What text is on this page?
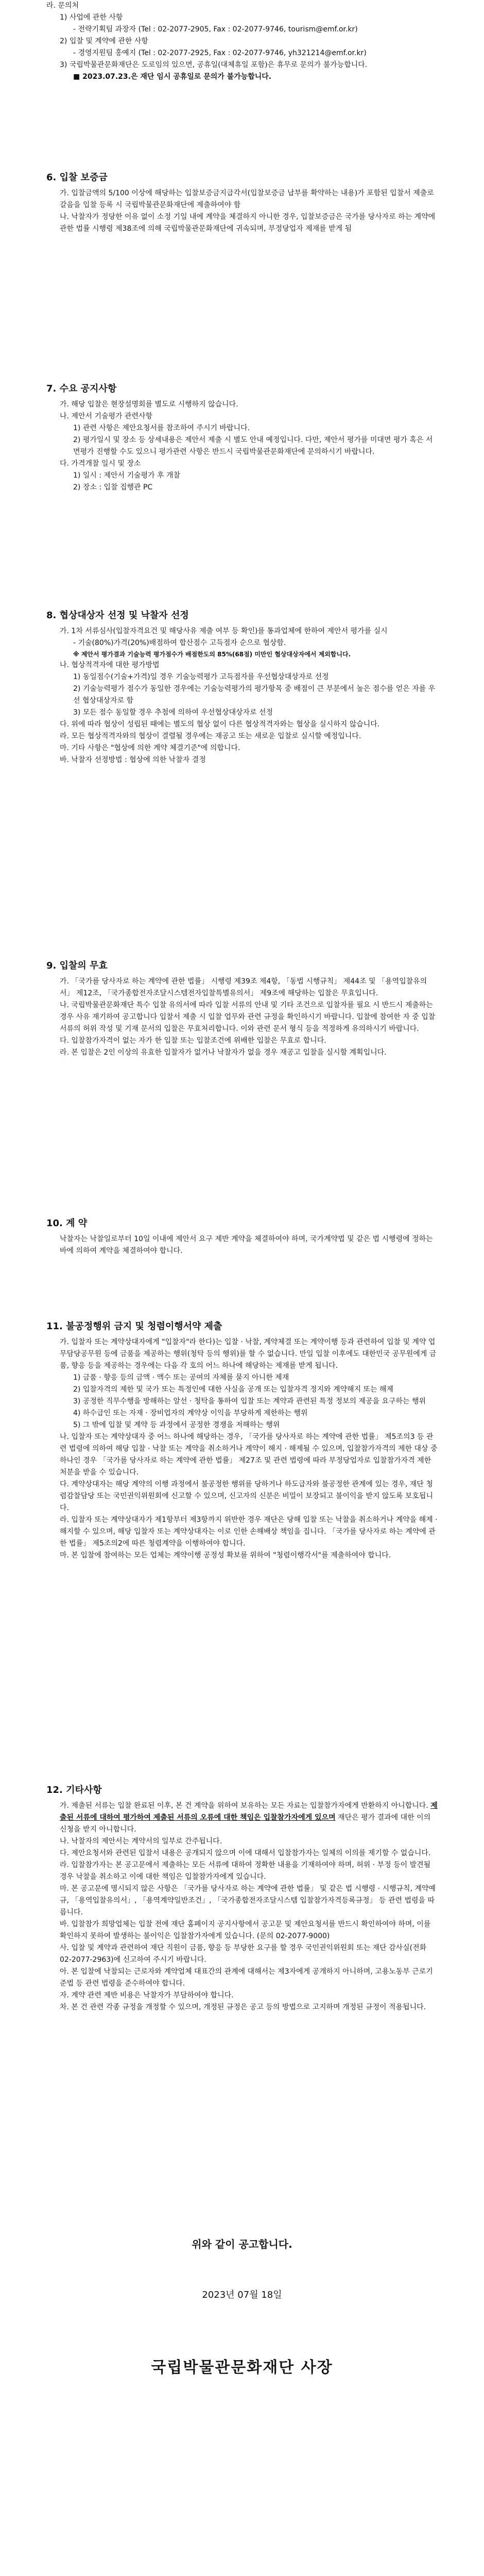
라. 문의처

1) 사업에 관한 사항

- 전략기획팀 과장자 (Tel : 02-2077-2905, Fax : 02-2077-9746, tourism@emf.or.kr)

2) 입찰 및 계약에 관한 사항

- 경영지원팀 홍예지 (Tel : 02-2077-2925, Fax : 02-2077-9746, yh321214@emf.or.kr)

3) 국립박물관문화재단은 도로임의 있으면, 공휴일(대체휴일 포함)은 휴무로 문의가 불가능합니다.

■ 2023.07.23.은 재단 임시 공휴일로 문의가 불가능합니다.

6. 입찰 보증금

가. 입찰금액의 5/100 이상에 해당하는 입찰보증금지급각서(입찰보증금 납부를 확약하는 내용)가 포함된 입찰서 제출로 갈음을 입찰 등록 시 국립박물관문화재단에 제출하여야 함

나. 낙찰자가 정당한 이유 없이 소정 기일 내에 계약을 체결하지 아니한 경우, 입찰보증금은 국가를 당사자로 하는 계약에 관한 법률 시행령 제38조에 의해 국립박물관문화재단에 귀속되며, 부정당업자 제재를 받게 됨

7. 수요 공지사항

가. 해당 입찰은 현장설명회를 별도로 시행하지 않습니다.

나. 제안서 기술평가 관련사항

1) 관련 사항은 제안요청서를 참조하여 주시기 바랍니다.

2) 평가일시 및 장소 등 상세내용은 제안서 제출 시 별도 안내 예정입니다. 다만, 제안서 평가를 미대면 평가 혹은 서면평가 진행할 수도 있으니 평가관련 사항은 반드시 국립박물관문화재단에 문의하시기 바랍니다.

다. 가격개찰 일시 및 장소

1) 일시 : 제안서 기술평가 후 개찰

2) 장소 : 입찰 집행관 PC

8. 협상대상자 선정 및 낙찰자 선정

가. 1차 서류심사(입찰자격요건 및 해당사유 제출 여부 등 확인)를 통과업체에 한하여 제안서 평가를 실시

- 기술(80%)가격(20%)배점하여 합산점수 고득점자 순으로 협상함.

※ 제안서 평가결과 기술능력 평가점수가 배점한도의 85%(68점) 미만인 협상대상자에서 제외합니다.

나. 협상적격자에 대한 평가방법

1) 동일점수(기술+가격)일 경우 기술능력평가 고득점자를 우선협상대상자로 선정

2) 기술능력평가 점수가 동일한 경우에는 기술능력평가의 평가항목 중 배점이 큰 부분에서 높은 점수를 얻은 자를 우선 협상대상자로 함

3) 모든 점수 동일할 경우 추첨에 의하여 우선협상대상자로 선정

다. 위에 따라 협상이 성립된 때에는 별도의 협상 없이 다른 협상적격자와는 협상을 실시하지 않습니다.

라. 모든 협상적격자와의 협상이 결렬될 경우에는 재공고 또는 새로운 입찰로 실시할 예정입니다.

마. 기타 사항은 "협상에 의한 계약 체결기준"에 의합니다.

바. 낙찰자 선정방법 : 협상에 의한 낙찰자 결정

9. 입찰의 무효

가. 「국가를 당사자로 하는 계약에 관한 법률」 시행령 제39조 제4항, 「동법 시행규칙」 제44조 및 「용역입찰유의서」 제12조, 「국가종합전자조달시스템전자입찰특별유의서」 제9조에 해당하는 입찰은 무효입니다.

나. 국립박물관문화재단 특수 입찰 유의서에 따라 입찰 서류의 안내 및 기타 조건으로 입찰자를 필요 시 반드시 제출하는 경우 사유 재기하여 공고합니다 입찰서 제출 시 입찰 업무와 관련 규정을 확인하시기 바랍니다. 입찰에 참여한 자 중 입찰서류의 허위 작성 및 기재 문서의 입찰은 무효처리합니다. 이와 관련 문서 형식 등을 적정하게 유의하시기 바랍니다.

다. 입찰참가자격이 없는 자가 한 입찰 또는 입찰조건에 위배한 입찰은 무효로 합니다.

라. 본 입찰은 2인 이상의 유효한 입찰자가 없거나 낙찰자가 없을 경우 재공고 입찰을 실시할 계획입니다.

10. 계 약

낙찰자는 낙찰일로부터 10일 이내에 제안서 요구 제반 계약을 체결하여야 하며, 국가계약법 및 같은 법 시행령에 정하는 바에 의하여 계약을 체결하여야 합니다.

11. 불공정행위 금지 및 청렴이행서약 제출

가. 입찰자 또는 계약상대자에게 "입찰자"라 한다)는 입찰 · 낙찰, 계약체결 또는 계약이행 등과 관련하여 입찰 및 계약 업무담당공무원 등에 금품을 제공하는 행위(청탁 등의 행위)를 할 수 없습니다. 만일 입찰 이후에도 대한민국 공무원에게 금품, 향응 등을 제공하는 경우에는 다음 각 호의 어느 하나에 해당하는 제재를 받게 됩니다.

1) 금품 · 향응 등의 금액 · 액수 또는 공여의 자체를 묻지 아니한 제재

2) 입찰자격의 제한 및 국가 또는 특정인에 대한 사실을 공개 또는 입찰자격 정지와 계약해지 또는 해제

3) 공정한 직무수행을 방해하는 알선 · 청탁을 통하여 입찰 또는 계약과 관련된 특정 정보의 제공을 요구하는 행위

4) 하수급인 또는 자재 · 장비업자의 계약상 이익을 부당하게 제한하는 행위

5) 그 밖에 입찰 및 계약 등 과정에서 공정한 경쟁을 저해하는 행위

나. 입찰자 또는 계약상대자 중 어느 하나에 해당하는 경우, 「국가를 당사자로 하는 계약에 관한 법률」 제5조의3 등 관련 법령에 의하여 해당 입찰 · 낙찰 또는 계약을 취소하거나 계약이 해지 · 해제될 수 있으며, 입찰참가자격의 제한 대상 중 하나인 경우 「국가를 당사자로 하는 계약에 관한 법률」 제27조 및 관련 법령에 따라 부정당업자로 입찰참가자격 제한처분을 받을 수 있습니다.

다. 계약상대자는 해당 계약의 이행 과정에서 불공정한 행위를 당하거나 하도급자와 불공정한 관계에 있는 경우, 재단 청렴감찰담당 또는 국민권익위원회에 신고할 수 있으며, 신고자의 신분은 비밀이 보장되고 불이익을 받지 않도록 보호됩니다.

라. 입찰자 또는 계약상대자가 제1항부터 제3항까지 위반한 경우 재단은 당해 입찰 또는 낙찰을 취소하거나 계약을 해제 · 해지할 수 있으며, 해당 입찰자 또는 계약상대자는 이로 인한 손해배상 책임을 집니다. 「국가를 당사자로 하는 계약에 관한 법률」 제5조의2에 따른 청렴계약을 이행하여야 합니다.

마. 본 입찰에 참여하는 모든 업체는 계약이행 공정성 확보를 위하여 "청렴이행각서"를 제출하여야 합니다.

12. 기타사항

가. 제출된 서류는 입찰 완료된 이후, 본 건 계약을 위하여 보유하는 모든 자료는 입찰참가자에게 반환하지 아니합니다. 제출된 서류에 대하여 평가하여 제출된 서류의 오류에 대한 책임은 입찰참가자에게 있으며 재단은 평가 결과에 대한 이의 신청을 받지 아니합니다.

나. 낙찰자의 제안서는 계약서의 일부로 간주됩니다.

다. 제안요청서와 관련된 입찰서 내용은 공개되지 않으며 이에 대해서 입찰참가자는 일체의 이의를 제기할 수 없습니다.

라. 입찰참가자는 본 공고문에서 제출하는 모든 서류에 대하여 정확한 내용을 기재하여야 하며, 허위 · 부정 등이 발견될 경우 낙찰을 취소하고 이에 대한 책임은 입찰참가자에게 있습니다.

마. 본 공고문에 명시되지 않은 사항은 「국가를 당사자로 하는 계약에 관한 법률」 및 같은 법 시행령 · 시행규칙, 계약예규, 「용역입찰유의서」, 「용역계약일반조건」, 「국가종합전자조달시스템 입찰참가자격등록규정」 등 관련 법령을 따릅니다.

바. 입찰참가 희망업체는 입찰 전에 재단 홈페이지 공지사항에서 공고문 및 제안요청서를 반드시 확인하여야 하며, 이를 확인하지 못하여 발생하는 불이익은 입찰참가자에게 있습니다. (문의 02-2077-9000)

사. 입찰 및 계약과 관련하여 재단 직원이 금품, 향응 등 부당한 요구를 할 경우 국민권익위원회 또는 재단 감사실(전화 02-2077-2963)에 신고하여 주시기 바랍니다.

아. 본 입찰에 낙찰되는 근로자와 계약업체 대표간의 관계에 대해서는 제3자에게 공개하지 아니하며, 고용노동부 근로기준법 등 관련 법령을 준수하여야 합니다.

자. 계약 관련 제반 비용은 낙찰자가 부담하여야 합니다.

차. 본 건 관련 각종 규정을 개정할 수 있으며, 개정된 규정은 공고 등의 방법으로 고지하며 개정된 규정이 적용됩니다.

위와 같이 공고합니다.

2023년 07월 18일

국립박물관문화재단 사장
